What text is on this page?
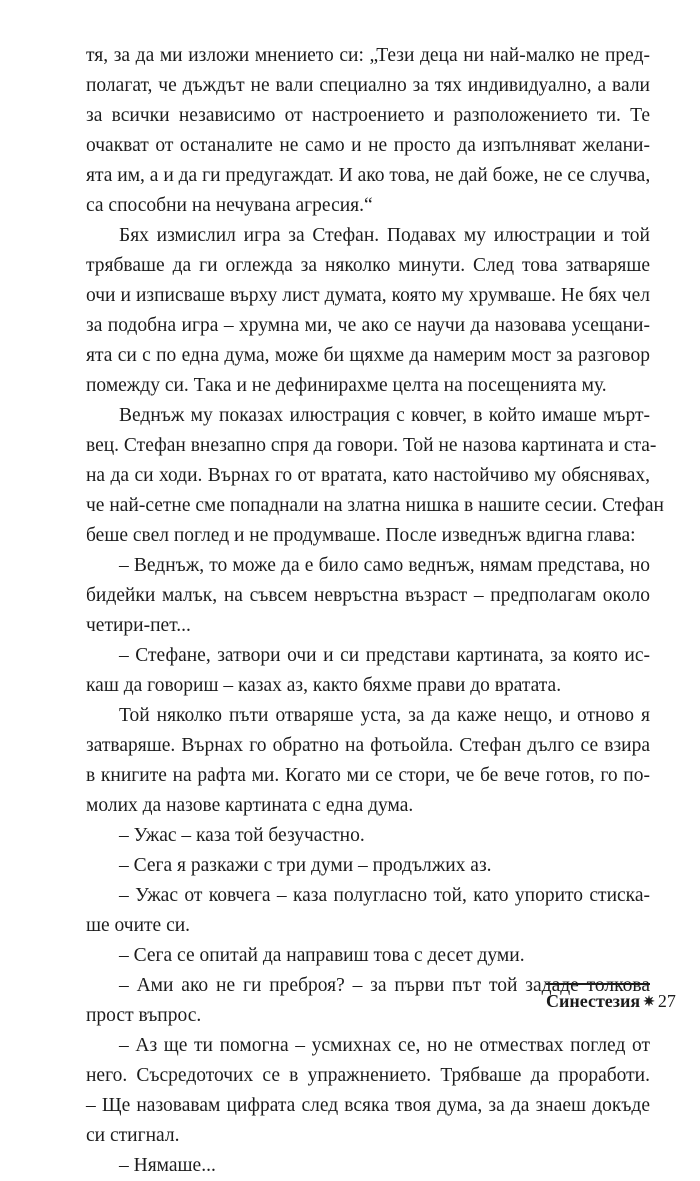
тя, за да ми изложи мнението си: „Тези деца ни най-малко не пред-
полагат, че дъждът не вали специално за тях индивидуално, а вали
за всички независимо от настроението и разположението ти. Те
очакват от останалите не само и не просто да изпълняват желани-
ята им, а и да ги предугаждат. И ако това, не дай боже, не се случва,
са способни на нечувана агресия.“
Бях измислил игра за Стефан. Подавах му илюстрации и той
трябваше да ги оглежда за няколко минути. След това затваряше
очи и изписваше върху лист думата, която му хрумваше. Не бях чел
за подобна игра – хрумна ми, че ако се научи да назовава усещани-
ята си с по една дума, може би щяхме да намерим мост за разговор
помежду си. Така и не дефинирахме целта на посещенията му.
Веднъж му показах илюстрация с ковчег, в който имаше мърт-
вец. Стефан внезапно спря да говори. Той не назова картината и ста-
на да си ходи. Върнах го от вратата, като настойчиво му обяснявах,
че най-сетне сме попаднали на златна нишка в нашите сесии. Стефан
беше свел поглед и не продумваше. После изведнъж вдигна глава:
– Веднъж, то може да е било само веднъж, нямам представа, но
бидейки малък, на съвсем невръстна възраст – предполагам около
четири-пет...
– Стефане, затвори очи и си представи картината, за която ис-
каш да говориш – казах аз, както бяхме прави до вратата.
Той няколко пъти отваряше уста, за да каже нещо, и отново я
затваряше. Върнах го обратно на фотьойла. Стефан дълго се взира
в книгите на рафта ми. Когато ми се стори, че бе вече готов, го по-
молих да назове картината с една дума.
– Ужас – каза той безучастно.
– Сега я разкажи с три думи – продължих аз.
– Ужас от ковчега – каза полугласно той, като упорито стиска-
ше очите си.
– Сега се опитай да направиш това с десет думи.
– Ами ако не ги преброя? – за първи път той зададе толкова
прост въпрос.
– Аз ще ти помогна – усмихнах се, но не отмествах поглед от
него. Съсредоточих се в упражнението. Трябваше да проработи.
– Ще назовавам цифрата след всяка твоя дума, за да знаеш докъде
си стигнал.
– Нямаше...
Синестезия ✷ 27
